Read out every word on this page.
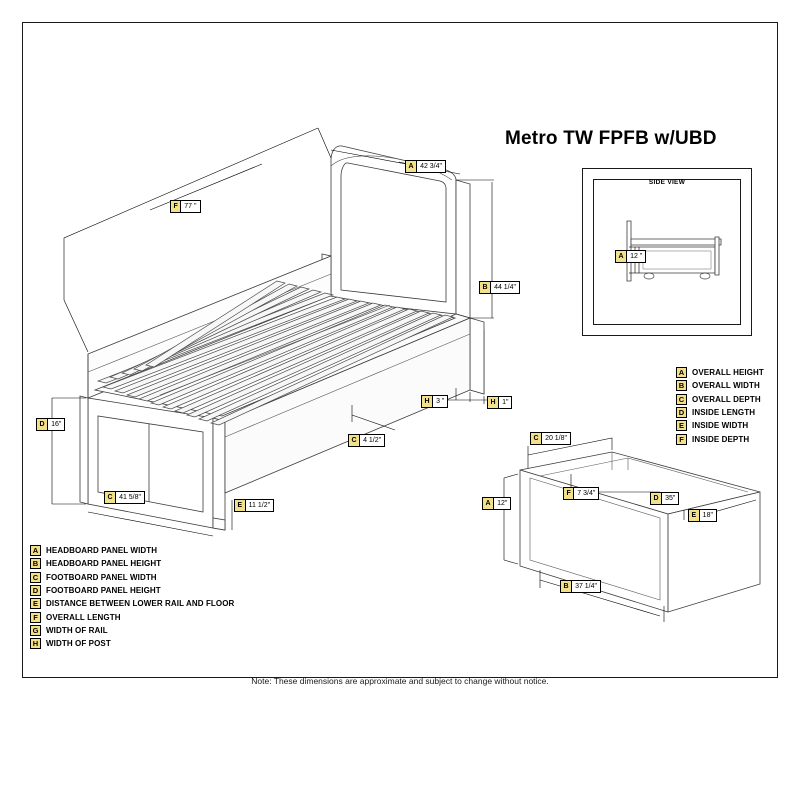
Metro TW FPFB w/UBD
SIDE VIEW
A 12 "
A 42 3/4"
F 77 "
B 44 1/4"
D 16"
H 3 "	H 1"
C 4 1/2"
C 41 5/8"
E 11 1/2"
C 20 1/8"
A 12"
F 7 3/4"
D 35"
E 18"
B 37 1/4"
A OVERALL HEIGHT
B OVERALL WIDTH
C OVERALL DEPTH
D INSIDE LENGTH
E	INSIDE WIDTH
F	INSIDE DEPTH
A HEADBOARD PANEL WIDTH
B HEADBOARD PANEL HEIGHT
C FOOTBOARD PANEL WIDTH
D FOOTBOARD PANEL HEIGHT
E	DISTANCE BETWEEN LOWER RAIL AND FLOOR
F	OVERALL LENGTH
G WIDTH OF RAIL
H WIDTH OF POST
Note: These dimensions are approximate and subject to change without notice.
